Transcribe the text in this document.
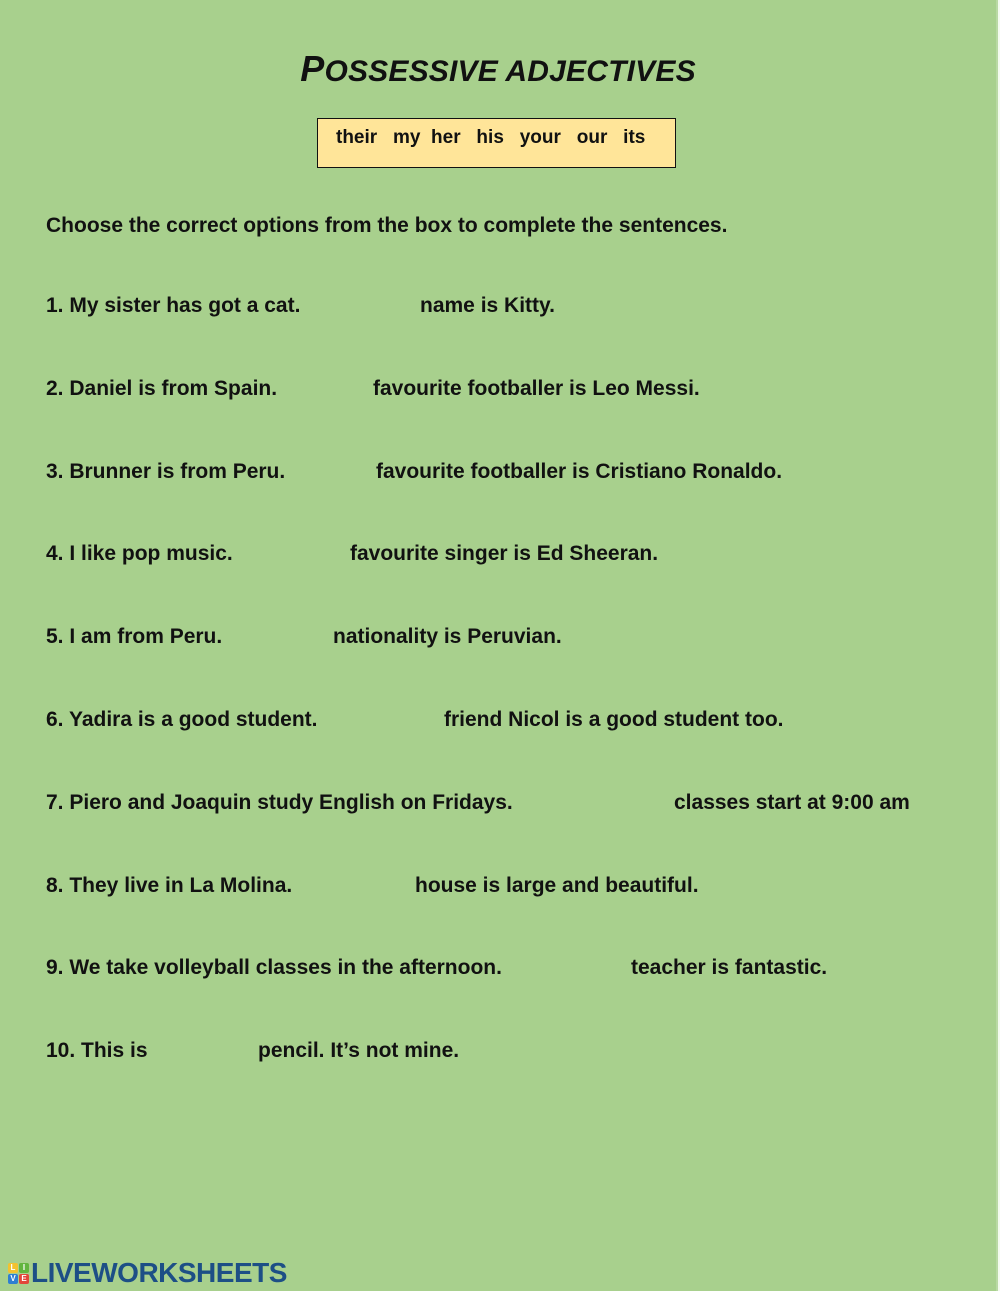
POSSESSIVE ADJECTIVES
their   my  her   his   your   our   its
Choose the correct options from the box to complete the sentences.
1. My sister has got a cat.	name is Kitty.
2. Daniel is from Spain.	favourite footballer is Leo Messi.
3. Brunner is from Peru.	favourite footballer is Cristiano Ronaldo.
4. I like pop music.	favourite singer is Ed Sheeran.
5. I am from Peru.	nationality is Peruvian.
6. Yadira is a good student.	friend Nicol is a good student too.
7. Piero and Joaquin study English on Fridays.	classes start at 9:00 am
8. They live in La Molina.	house is large and beautiful.
9. We take volleyball classes in the afternoon.	teacher is fantastic.
10. This is	pencil. It’s not mine.
L I
V E LIVEWORKSHEETS
